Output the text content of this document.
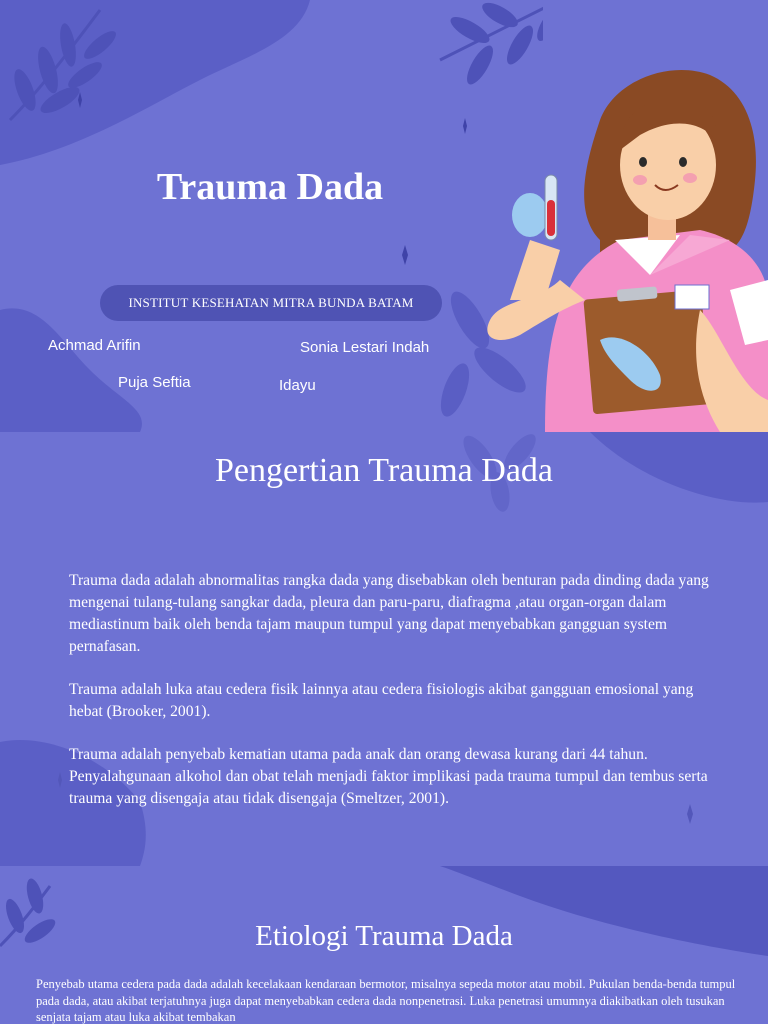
Trauma Dada
INSTITUT KESEHATAN MITRA BUNDA BATAM
Achmad Arifin	Sonia Lestari Indah
Puja Seftia	Idayu
Pengertian Trauma Dada
Trauma dada adalah abnormalitas rangka dada yang disebabkan oleh benturan pada dinding dada yang mengenai tulang-tulang sangkar dada, pleura dan paru-paru, diafragma ,atau organ-organ dalam mediastinum baik oleh benda tajam maupun tumpul yang dapat menyebabkan gangguan system pernafasan.
Trauma adalah luka atau cedera fisik lainnya atau cedera fisiologis akibat gangguan emosional yang hebat (Brooker, 2001).
Trauma adalah penyebab kematian utama pada anak dan orang dewasa kurang dari 44 tahun. Penyalahgunaan alkohol dan obat telah menjadi faktor implikasi pada trauma tumpul dan tembus serta trauma yang disengaja atau tidak disengaja (Smeltzer, 2001).
Etiologi Trauma Dada
Penyebab utama cedera pada dada adalah kecelakaan kendaraan bermotor, misalnya sepeda motor atau mobil. Pukulan benda-benda tumpul pada dada, atau akibat terjatuhnya juga dapat menyebabkan cedera dada nonpenetrasi. Luka penetrasi umumnya diakibatkan oleh tusukan senjata tajam atau luka akibat tembakan
